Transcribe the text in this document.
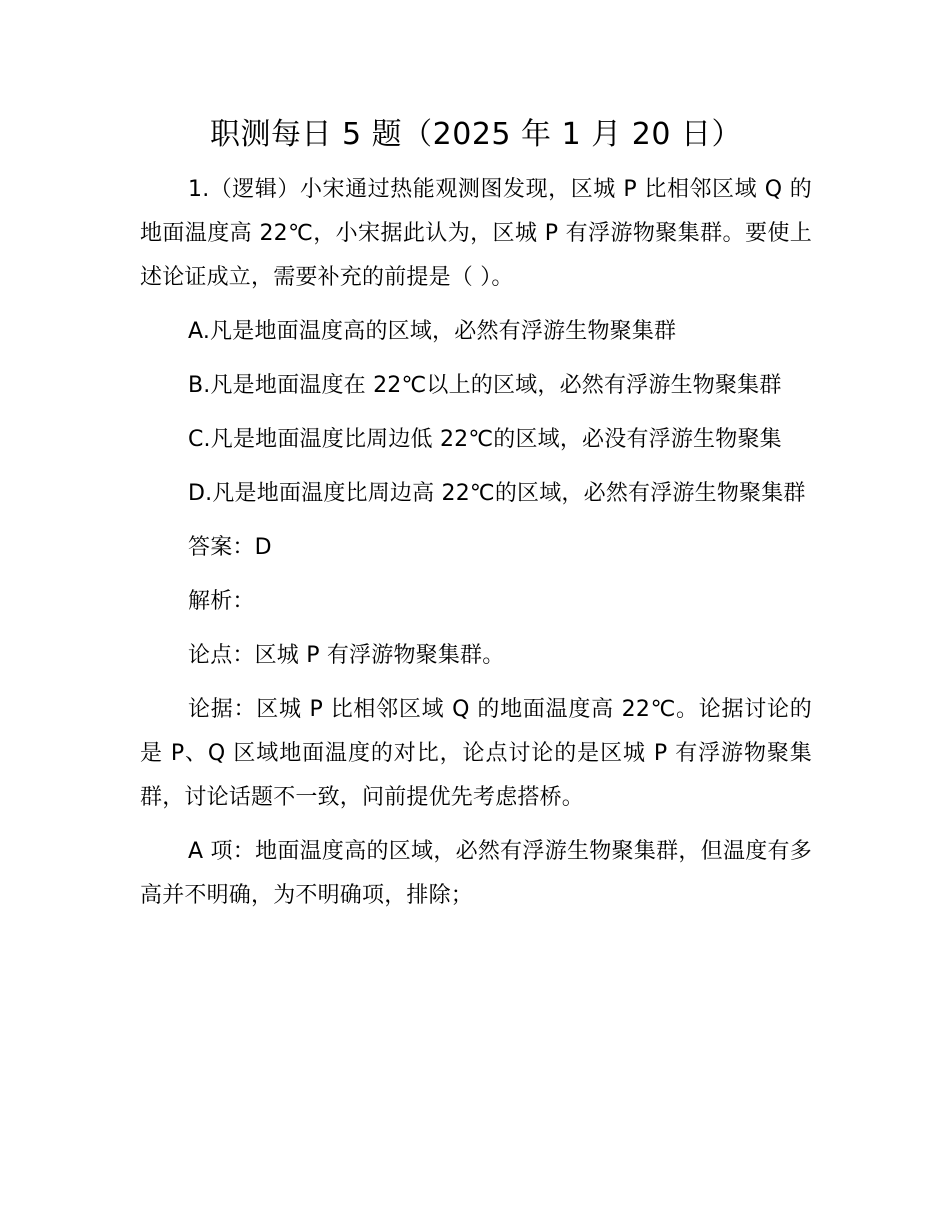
职测每日 5 题（2025 年 1 月 20 日）

1.（逻辑）小宋通过热能观测图发现，区城 P 比相邻区域 Q 的地面温度高 22℃，小宋据此认为，区城 P 有浮游物聚集群。要使上述论证成立，需要补充的前提是（ ）。

A.凡是地面温度高的区域，必然有浮游生物聚集群

B.凡是地面温度在 22℃以上的区域，必然有浮游生物聚集群

C.凡是地面温度比周边低 22℃的区域，必没有浮游生物聚集

D.凡是地面温度比周边高 22℃的区域，必然有浮游生物聚集群

答案：D

解析：

论点：区城 P 有浮游物聚集群。

论据：区城 P 比相邻区域 Q 的地面温度高 22℃。论据讨论的是 P、Q 区域地面温度的对比，论点讨论的是区城 P 有浮游物聚集群，讨论话题不一致，问前提优先考虑搭桥。

A 项：地面温度高的区域，必然有浮游生物聚集群，但温度有多高并不明确，为不明确项，排除；
